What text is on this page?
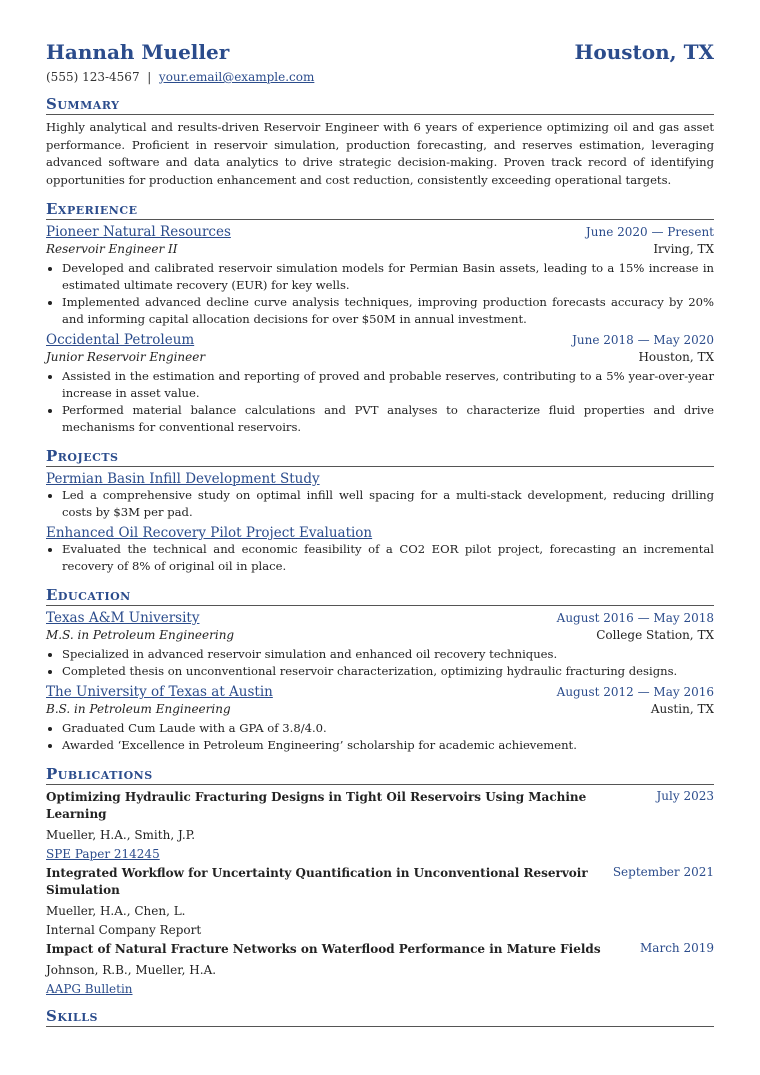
Hannah Mueller	Houston, TX
(555) 123-4567 | your.email@example.com
Summary
Highly analytical and results-driven Reservoir Engineer with 6 years of experience optimizing oil and gas asset performance. Proficient in reservoir simulation, production forecasting, and reserves estimation, leveraging advanced software and data analytics to drive strategic decision-making. Proven track record of identifying opportunities for production enhancement and cost reduction, consistently exceeding operational targets.
Experience
Pioneer Natural Resources	June 2020 — Present
Reservoir Engineer II	Irving, TX
• Developed and calibrated reservoir simulation models for Permian Basin assets, leading to a 15% increase in estimated ultimate recovery (EUR) for key wells.
• Implemented advanced decline curve analysis techniques, improving production forecasts accuracy by 20% and informing capital allocation decisions for over $50M in annual investment.
Occidental Petroleum	June 2018 — May 2020
Junior Reservoir Engineer	Houston, TX
• Assisted in the estimation and reporting of proved and probable reserves, contributing to a 5% year-over-year increase in asset value.
• Performed material balance calculations and PVT analyses to characterize fluid properties and drive mechanisms for conventional reservoirs.
Projects
Permian Basin Infill Development Study
• Led a comprehensive study on optimal infill well spacing for a multi-stack development, reducing drilling costs by $3M per pad.
Enhanced Oil Recovery Pilot Project Evaluation
• Evaluated the technical and economic feasibility of a CO2 EOR pilot project, forecasting an incremental recovery of 8% of original oil in place.
Education
Texas A&M University	August 2016 — May 2018
M.S. in Petroleum Engineering	College Station, TX
• Specialized in advanced reservoir simulation and enhanced oil recovery techniques.
• Completed thesis on unconventional reservoir characterization, optimizing hydraulic fracturing designs.
The University of Texas at Austin	August 2012 — May 2016
B.S. in Petroleum Engineering	Austin, TX
• Graduated Cum Laude with a GPA of 3.8/4.0.
• Awarded ‘Excellence in Petroleum Engineering’ scholarship for academic achievement.
Publications
Optimizing Hydraulic Fracturing Designs in Tight Oil Reservoirs Using Machine Learning
July 2023
Mueller, H.A., Smith, J.P.
SPE Paper 214245
Integrated Workflow for Uncertainty Quantification in Unconventional Reservoir Simulation
September 2021
Mueller, H.A., Chen, L.
Internal Company Report
Impact of Natural Fracture Networks on Waterflood Performance in Mature Fields	March 2019
Johnson, R.B., Mueller, H.A.
AAPG Bulletin
Skills
